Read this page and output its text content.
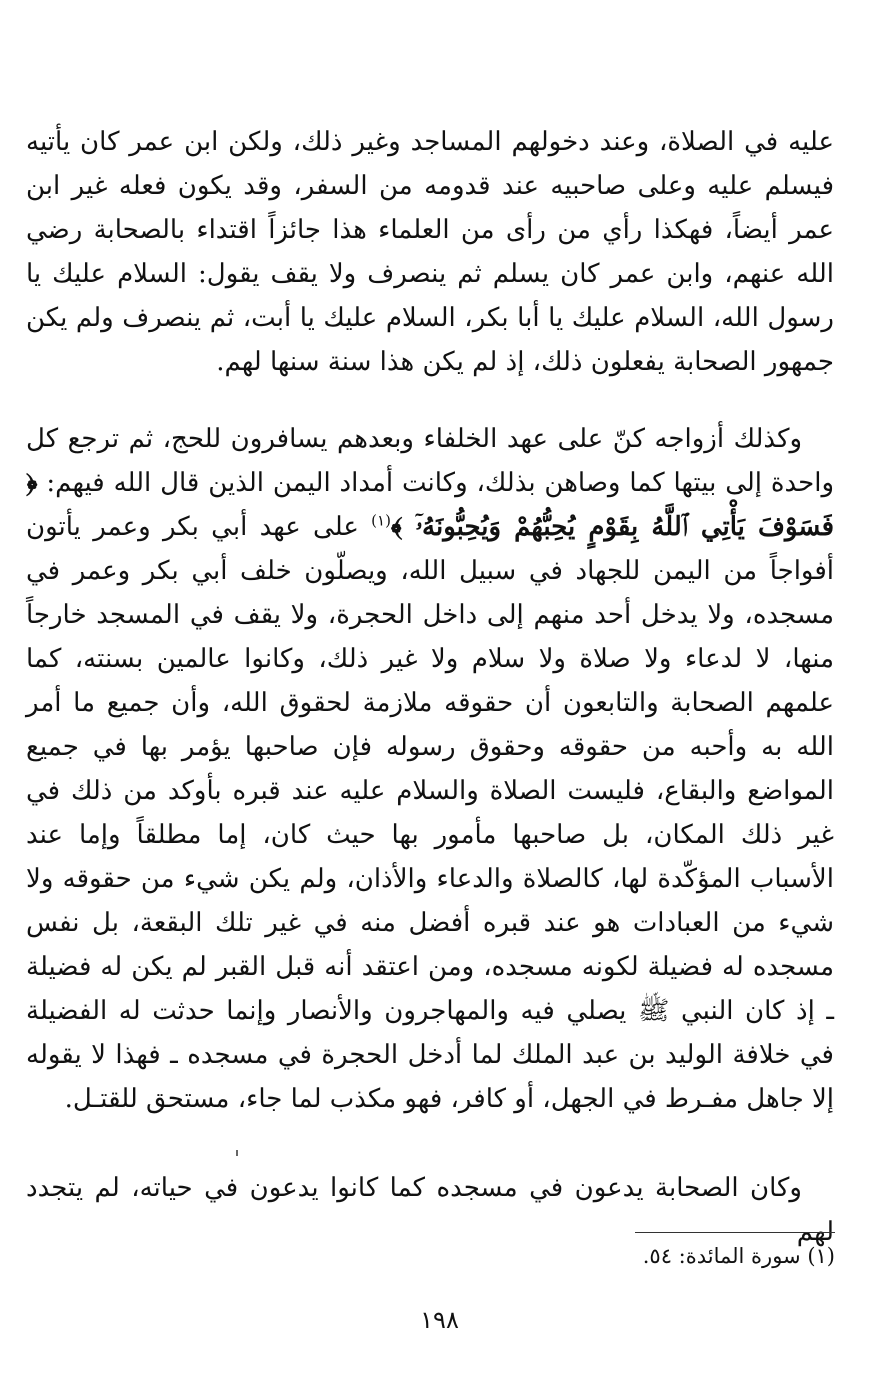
عليه في الصلاة، وعند دخولهم المساجد وغير ذلك، ولكن ابن عمر كان يأتيه فيسلم عليه وعلى صاحبيه عند قدومه من السفر، وقد يكون فعله غير ابن عمر أيضاً، فهكذا رأي من رأى من العلماء هذا جائزاً اقتداء بالصحابة رضي الله عنهم، وابن عمر كان يسلم ثم ينصرف ولا يقف يقول: السلام عليك يا رسول الله، السلام عليك يا أبا بكر، السلام عليك يا أبت، ثم ينصرف ولم يكن جمهور الصحابة يفعلون ذلك، إذ لم يكن هذا سنة سنها لهم.

وكذلك أزواجه كنّ على عهد الخلفاء وبعدهم يسافرون للحج، ثم ترجع كل واحدة إلى بيتها كما وصاهن بذلك، وكانت أمداد اليمن الذين قال الله فيهم: ﴿ فَسَوْفَ يَأْتِي ٱللَّهُ بِقَوْمٍ يُحِبُّهُمْ وَيُحِبُّونَهُۥٓ ﴾$^{(١)}$ على عهد أبي بكر وعمر يأتون أفواجاً من اليمن للجهاد في سبيل الله، ويصلّون خلف أبي بكر وعمر في مسجده، ولا يدخل أحد منهم إلى داخل الحجرة، ولا يقف في المسجد خارجاً منها، لا لدعاء ولا صلاة ولا سلام ولا غير ذلك، وكانوا عالمين بسنته، كما علمهم الصحابة والتابعون أن حقوقه ملازمة لحقوق الله، وأن جميع ما أمر الله به وأحبه من حقوقه وحقوق رسوله فإن صاحبها يؤمر بها في جميع المواضع والبقاع، فليست الصلاة والسلام عليه عند قبره بأوكد من ذلك في غير ذلك المكان، بل صاحبها مأمور بها حيث كان، إما مطلقاً وإما عند الأسباب المؤكّدة لها، كالصلاة والدعاء والأذان، ولم يكن شيء من حقوقه ولا شيء من العبادات هو عند قبره أفضل منه في غير تلك البقعة، بل نفس مسجده له فضيلة لكونه مسجده، ومن اعتقد أنه قبل القبر لم يكن له فضيلة ـ إذ كان النبي ﷺ يصلي فيه والمهاجرون والأنصار وإنما حدثت له الفضيلة في خلافة الوليد بن عبد الملك لما أدخل الحجرة في مسجده ـ فهذا لا يقوله إلا جاهل مفـرط في الجهل، أو كافر، فهو مكذب لما جاء، مستحق للقتـل.

وكان الصحابة يدعون في مسجده كما كانوا يدعون في حياته، لم يتجدد لهم

(١) سورة المائدة: ٥٤.

١٩٨
